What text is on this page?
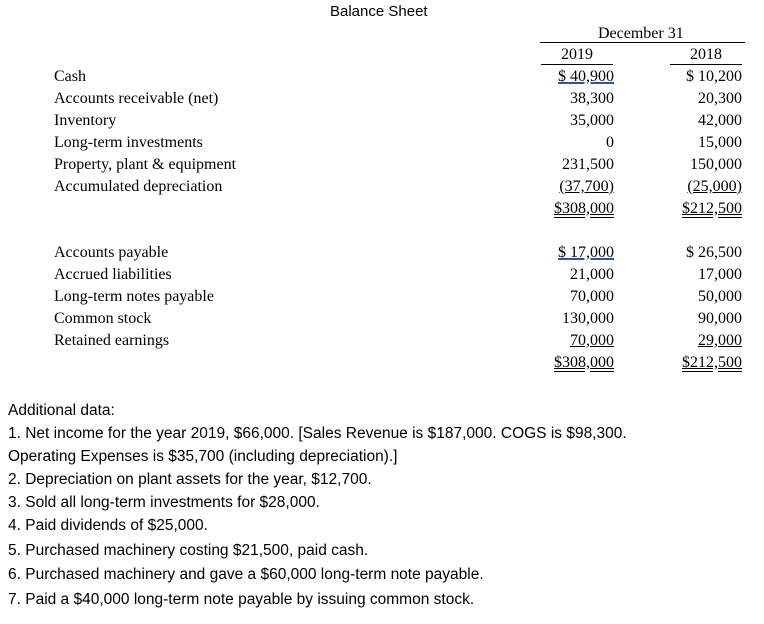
Balance Sheet
December 31
2019	2018
Cash
Accounts receivable (net)
Inventory
Long-term investments
Property, plant & equipment
Accumulated depreciation
$ 40,900
38,300
35,000
0
231,500
(37,700)
$308,000
$ 10,200
20,300
42,000
15,000
150,000
(25,000)
$212,500
Accounts payable
Accrued liabilities
Long-term notes payable
Common stock
Retained earnings
$ 17,000
21,000
70,000
130,000
70,000
$308,000
$ 26,500
17,000
50,000
90,000
29,000
$212,500
Additional data:
1. Net income for the year 2019, $66,000. [Sales Revenue is $187,000. COGS is $98,300.
Operating Expenses is $35,700 (including depreciation).]
2. Depreciation on plant assets for the year, $12,700.
3. Sold all long-term investments for $28,000.
4. Paid dividends of $25,000.
5. Purchased machinery costing $21,500, paid cash.
6. Purchased machinery and gave a $60,000 long-term note payable.
7. Paid a $40,000 long-term note payable by issuing common stock.
